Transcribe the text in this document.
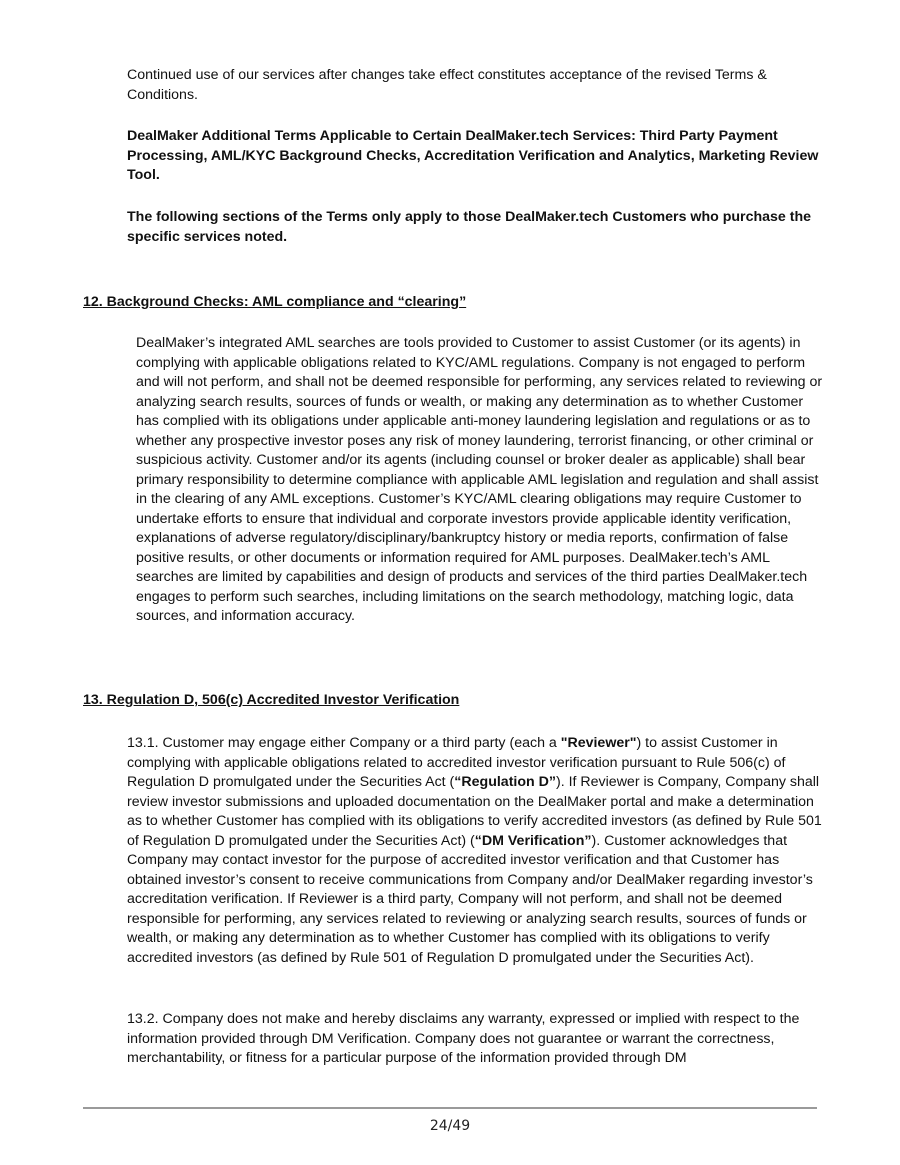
Continued use of our services after changes take effect constitutes acceptance of the revised Terms & Conditions.

DealMaker Additional Terms Applicable to Certain DealMaker.tech Services: Third Party Payment Processing, AML/KYC Background Checks, Accreditation Verification and Analytics, Marketing Review Tool.

The following sections of the Terms only apply to those DealMaker.tech Customers who purchase the specific services noted.

12. Background Checks: AML compliance and “clearing”

DealMaker’s integrated AML searches are tools provided to Customer to assist Customer (or its agents) in complying with applicable obligations related to KYC/AML regulations. Company is not engaged to perform and will not perform, and shall not be deemed responsible for performing, any services related to reviewing or analyzing search results, sources of funds or wealth, or making any determination as to whether Customer has complied with its obligations under applicable anti-money laundering legislation and regulations or as to whether any prospective investor poses any risk of money laundering, terrorist financing, or other criminal or suspicious activity. Customer and/or its agents (including counsel or broker dealer as applicable) shall bear primary responsibility to determine compliance with applicable AML legislation and regulation and shall assist in the clearing of any AML exceptions. Customer’s KYC/AML clearing obligations may require Customer to undertake efforts to ensure that individual and corporate investors provide applicable identity verification, explanations of adverse regulatory/disciplinary/bankruptcy history or media reports, confirmation of false positive results, or other documents or information required for AML purposes. DealMaker.tech’s AML searches are limited by capabilities and design of products and services of the third parties DealMaker.tech engages to perform such searches, including limitations on the search methodology, matching logic, data sources, and information accuracy.

13. Regulation D, 506(c) Accredited Investor Verification

13.1. Customer may engage either Company or a third party (each a "Reviewer") to assist Customer in complying with applicable obligations related to accredited investor verification pursuant to Rule 506(c) of Regulation D promulgated under the Securities Act (“Regulation D”). If Reviewer is Company, Company shall review investor submissions and uploaded documentation on the DealMaker portal and make a determination as to whether Customer has complied with its obligations to verify accredited investors (as defined by Rule 501 of Regulation D promulgated under the Securities Act) (“DM Verification”). Customer acknowledges that Company may contact investor for the purpose of accredited investor verification and that Customer has obtained investor’s consent to receive communications from Company and/or DealMaker regarding investor’s accreditation verification. If Reviewer is a third party, Company will not perform, and shall not be deemed responsible for performing, any services related to reviewing or analyzing search results, sources of funds or wealth, or making any determination as to whether Customer has complied with its obligations to verify accredited investors (as defined by Rule 501 of Regulation D promulgated under the Securities Act).

13.2. Company does not make and hereby disclaims any warranty, expressed or implied with respect to the information provided through DM Verification. Company does not guarantee or warrant the correctness, merchantability, or fitness for a particular purpose of the information provided through DM

24/49
